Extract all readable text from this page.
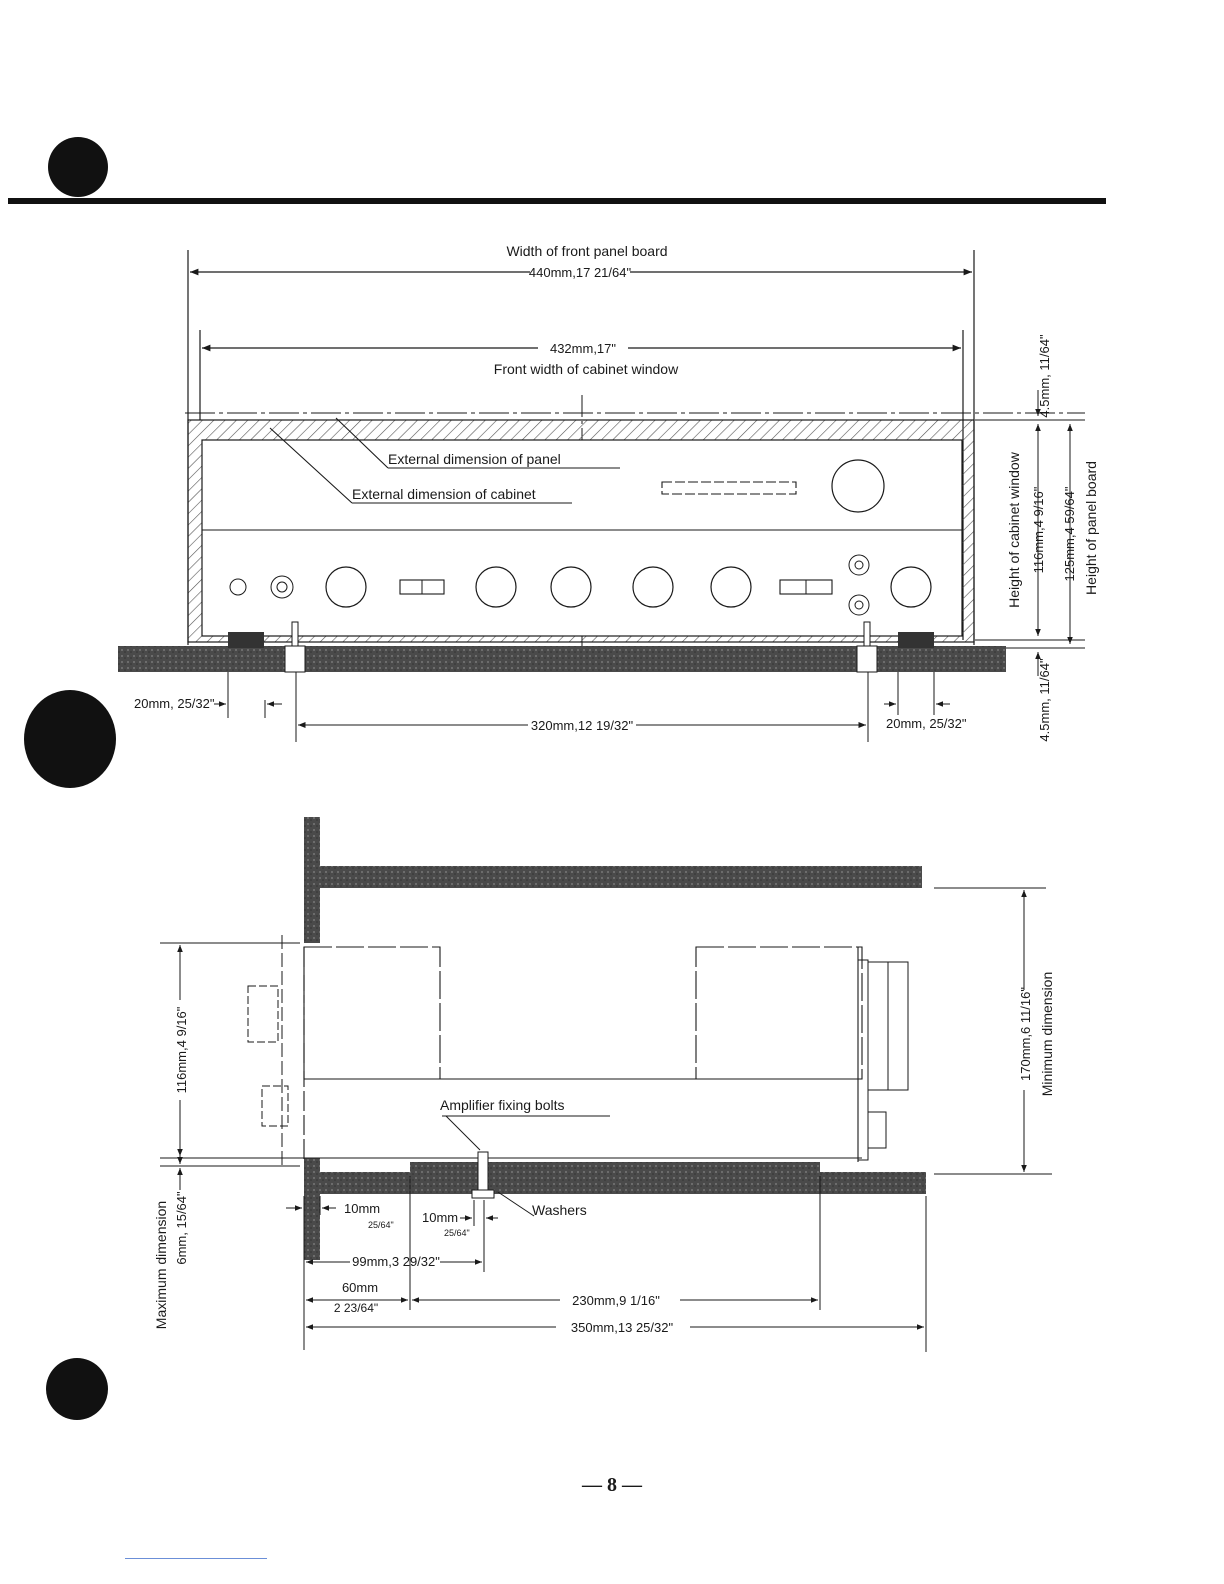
Width of front panel board
440mm,17 21/64"
432mm,17"
Front width of cabinet window
External dimension of panel
External dimension of cabinet
20mm, 25/32"
320mm,12 19/32"	20mm, 25/32"
4.5mm, 11/64"
4.5mm, 11/64"
Height of cabinet window 116mm,4 9/16" 125mm,4 59/64" Height of panel board
116mm,4 9/16"
Maximum dimension 6mm, 15/64"
Amplifier fixing bolts
Washers
10mm
25/64" 10mm
25/64"
99mm,3 29/32"
60mm
2 23/64"	230mm,9 1/16"
350mm,13 25/32"
170mm,6 11/16" Minimum dimension
— 8 —
